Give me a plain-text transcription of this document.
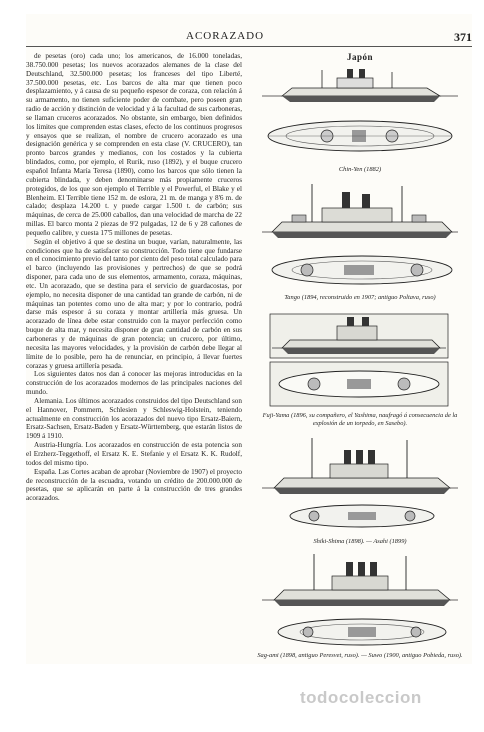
ACORAZADO	371

de pesetas (oro) cada uno; los americanos, de 16.000 toneladas, 38.750.000 pesetas; los nuevos acorazados alemanes de la clase del Deutschland, 32.500.000 pesetas; los franceses del tipo Liberté, 37.500.000 pesetas, etc. Los barcos de alta mar que tienen poco desplazamiento, y á causa de su pequeño espesor de coraza, con relación á su armamento, no tienen suficiente poder de combate, pero poseen gran radio de acción y distinción de velocidad y á la facultad de sus carboneras, se llaman cruceros acorazados. No obstante, sin embargo, bien definidos los limites que comprenden estas clases, efecto de los continuos progresos y ensayos que se realizan, el nombre de crucero acorazado es una designación genérica y se comprenden en esta clase (V. CRUCERO), tan pronto barcos grandes y medianos, con los costados y la cubierta blindados, como, por ejemplo, el Rurik, ruso (1892), y el buque crucero español Infanta María Teresa (1890), como los barcos que sólo tienen la cubierta blindada, y deben denominarse más propiamente cruceros protegidos, de los que son ejemplo el Terrible y el Powerful, el Blake y el Blenheim. El Terrible tiene 152 m. de eslora, 21 m. de manga y 8'6 m. de calado; desplaza 14.200 t. y puede cargar 1.500 t. de carbón; sus máquinas, de cerca de 25.000 caballos, dan una velocidad de marcha de 22 millas. El barco monta 2 piezas de 9'2 pulgadas, 12 de 6 y 28 cañones de pequeño calibre, y cuesta 17'5 millones de pesetas.

Según el objetivo á que se destina un buque, varían, naturalmente, las condiciones que ha de satisfacer su construcción. Todo tiene que fundarse en el conocimiento previo del tanto por ciento del peso total calculado para el barco (incluyendo las provisiones y pertrechos) de que se podrá disponer, para cada uno de sus elementos, armamento, coraza, máquinas, etc. Un acorazado, que se destina para el servicio de guardacostas, por ejemplo, no necesita disponer de una cantidad tan grande de carbón, ni de máquinas tan potentes como uno de alta mar; y por lo contrario, podrá darse más espesor á su coraza y montar artillería más gruesa. Un acorazado de línea debe estar construido con la mayor perfección como buque de alta mar, y necesita disponer de gran cantidad de carbón en sus carboneras y de máquinas de gran potencia; un crucero, por último, necesita las mayores velocidades, y la provisión de carbón debe llegar al límite de lo posible, pero ha de renunciar, en principio, á llevar fuertes corazas y gruesa artillería pesada.

Los siguientes datos nos dan á conocer las mejoras introducidas en la construcción de los acorazados modernos de las principales naciones del mundo.

Alemania. Los últimos acorazados construidos del tipo Deutschland son el Hannover, Pommern, Schlesien y Schleswig-Holstein, teniendo actualmente en construcción los acorazados del nuevo tipo Ersatz-Baiern, Ersatz-Sachsen, Ersatz-Baden y Ersatz-Württemberg, que estarán listos de 1909 á 1910.

Austria-Hungría. Los acorazados en construcción de esta potencia son el Erzherz-Teggethoff, el Ersatz K. E. Stefanie y el Ersatz K. K. Rudolf, todos del mismo tipo.

España. Las Cortes acaban de aprobar (Noviembre de 1907) el proyecto de reconstrucción de la escuadra, votando un crédito de 200.000.000 de pesetas, que se aplicarán en parte á la construcción de tres grandes acorazados.

Japón
Chin-Yen (1882)
Tango (1894, reconstruido en 1907; antiguo Poltava, ruso)
Fuji-Yama (1896, su compañero, el Yashima, naufragó á consecuencia de la explosión de un torpedo, en Sasebo).
Shiki-Shima (1898). — Asahi (1899)
Sag-ami (1898, antiguo Peresvet, ruso). — Suwo (1900, antiguo Pobieda, ruso).
todocoleccion
